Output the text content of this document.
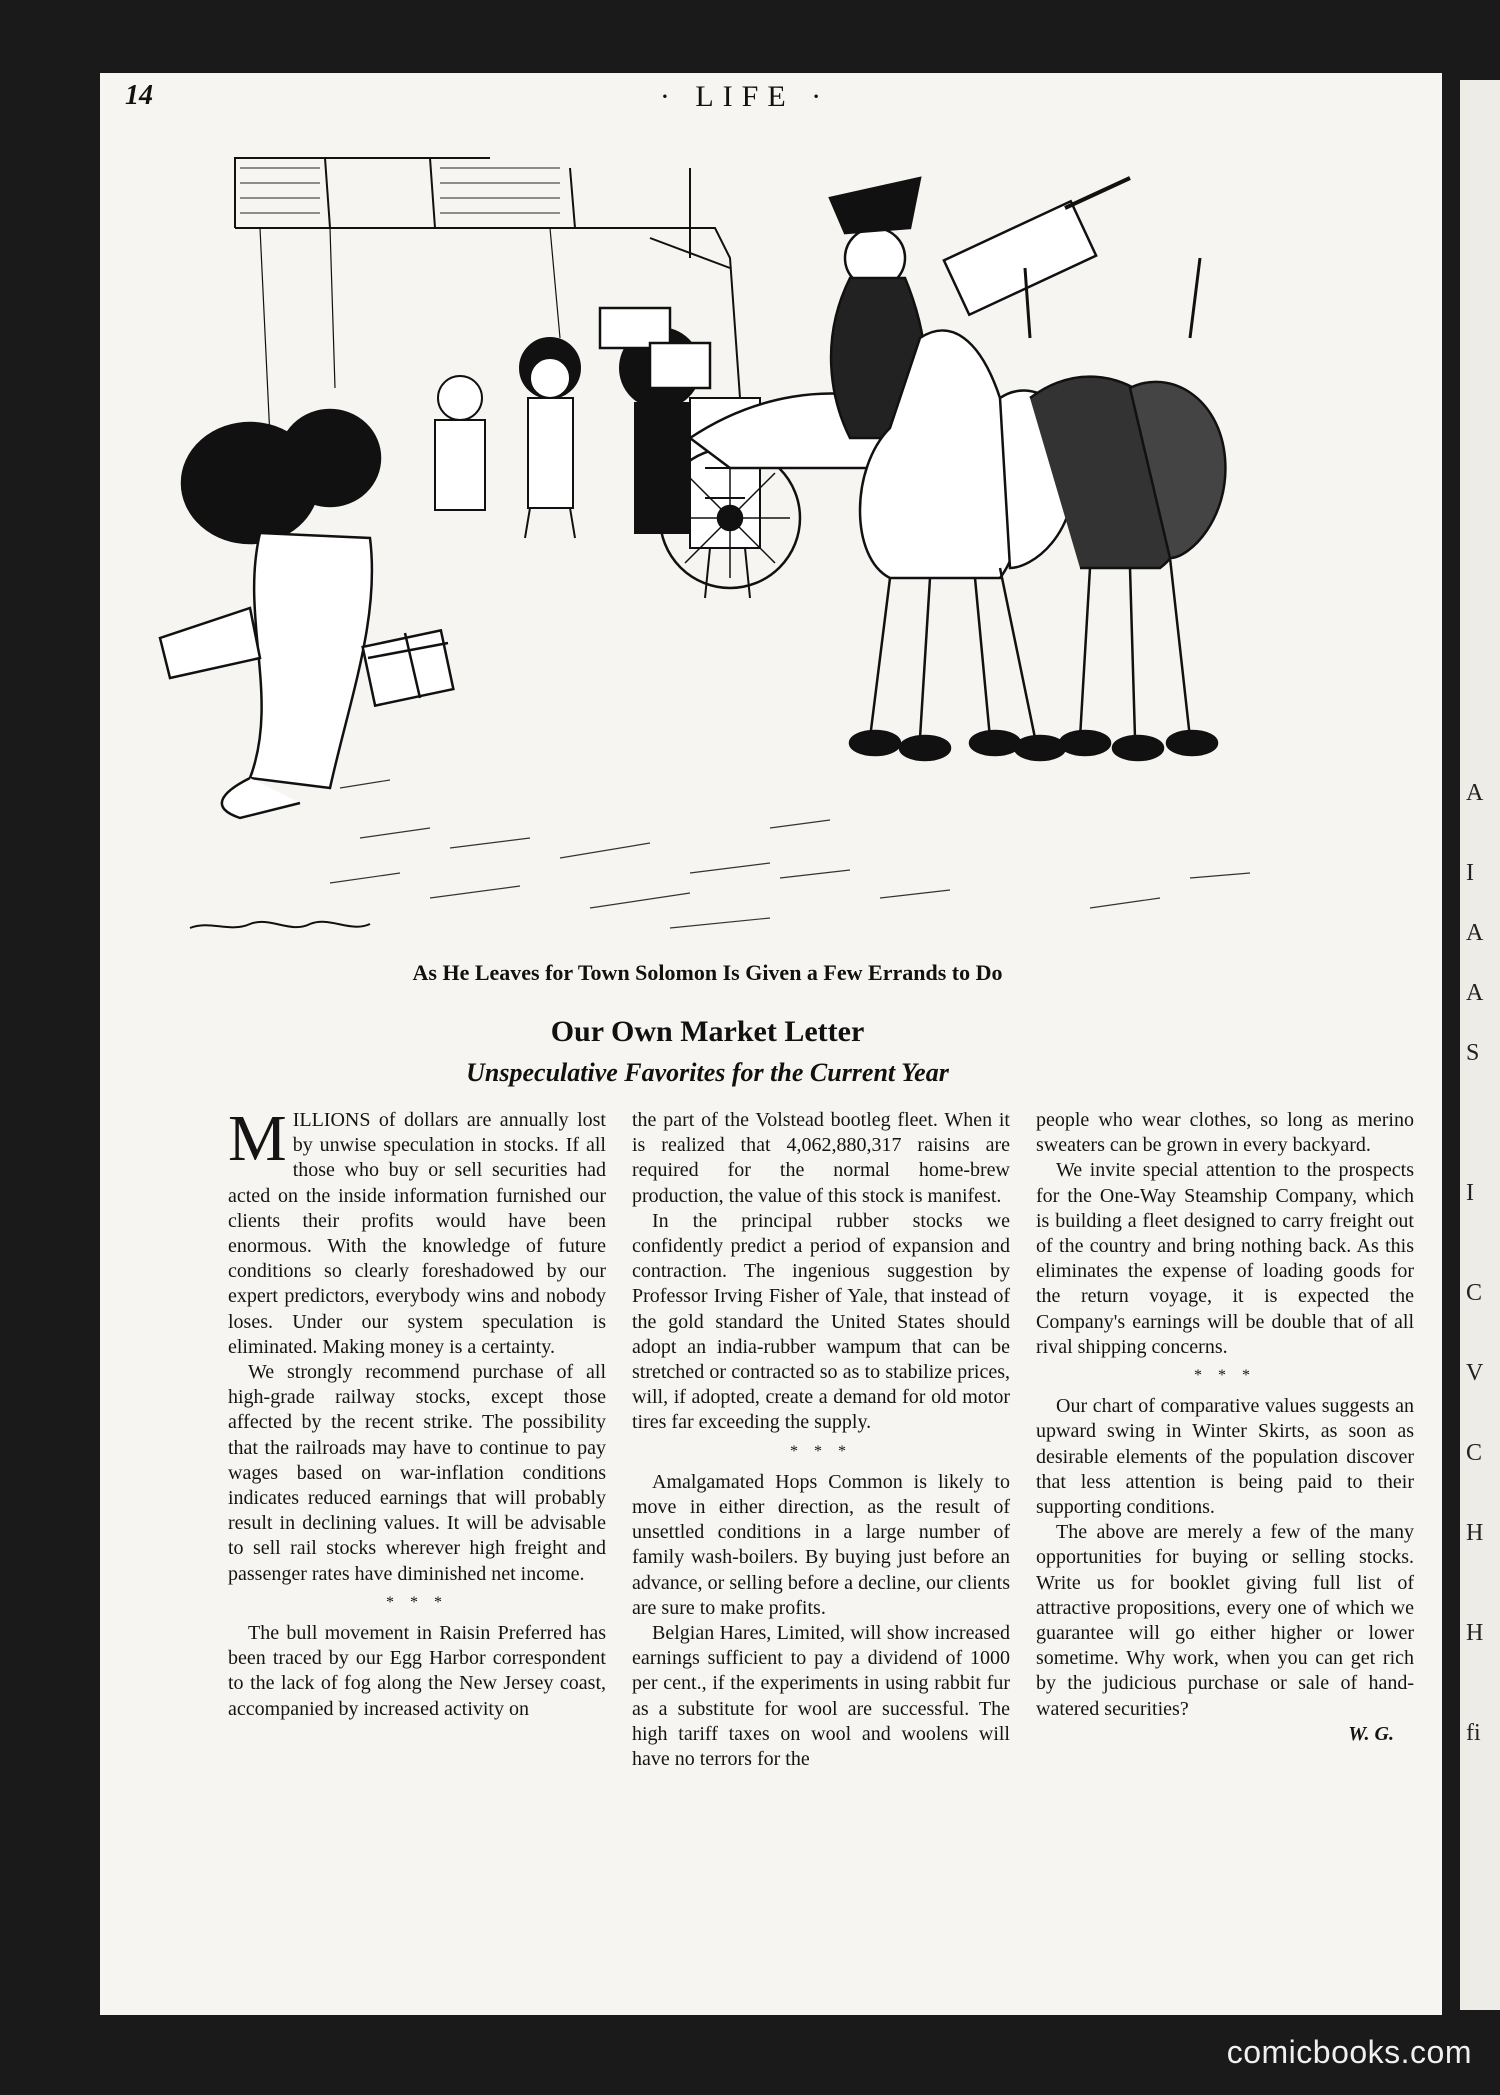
A
I
A
A
S
I
C
V
C
H
H
fi
14	· LIFE ·
As He Leaves for Town Solomon Is Given a Few Errands to Do
Our Own Market Letter
Unspeculative Favorites for the Current Year

MILLIONS of dollars are annually lost by unwise speculation in stocks. If all those who buy or sell securities had acted on the inside information furnished our clients their profits would have been enormous. With the knowledge of future conditions so clearly foreshadowed by our expert predictors, everybody wins and nobody loses. Under our system speculation is eliminated. Making money is a certainty.

We strongly recommend purchase of all high-grade railway stocks, except those affected by the recent strike. The possibility that the railroads may have to continue to pay wages based on war-inflation conditions indicates reduced earnings that will probably result in declining values. It will be advisable to sell rail stocks wherever high freight and passenger rates have diminished net income.

* * *

The bull movement in Raisin Preferred has been traced by our Egg Harbor correspondent to the lack of fog along the New Jersey coast, accompanied by increased activity on

the part of the Volstead bootleg fleet. When it is realized that 4,062,880,317 raisins are required for the normal home-brew production, the value of this stock is manifest.

In the principal rubber stocks we confidently predict a period of expansion and contraction. The ingenious suggestion by Professor Irving Fisher of Yale, that instead of the gold standard the United States should adopt an india-rubber wampum that can be stretched or contracted so as to stabilize prices, will, if adopted, create a demand for old motor tires far exceeding the supply.

* * *

Amalgamated Hops Common is likely to move in either direction, as the result of unsettled conditions in a large number of family wash-boilers. By buying just before an advance, or selling before a decline, our clients are sure to make profits.

Belgian Hares, Limited, will show increased earnings sufficient to pay a dividend of 1000 per cent., if the experiments in using rabbit fur as a substitute for wool are successful. The high tariff taxes on wool and woolens will have no terrors for the

people who wear clothes, so long as merino sweaters can be grown in every backyard.

We invite special attention to the prospects for the One-Way Steamship Company, which is building a fleet designed to carry freight out of the country and bring nothing back. As this eliminates the expense of loading goods for the return voyage, it is expected the Company's earnings will be double that of all rival shipping concerns.

* * *

Our chart of comparative values suggests an upward swing in Winter Skirts, as soon as desirable elements of the population discover that less attention is being paid to their supporting conditions.

The above are merely a few of the many opportunities for buying or selling stocks. Write us for booklet giving full list of attractive propositions, every one of which we guarantee will go either higher or lower sometime. Why work, when you can get rich by the judicious purchase or sale of hand-watered securities?

W. G.

comicbooks.com
